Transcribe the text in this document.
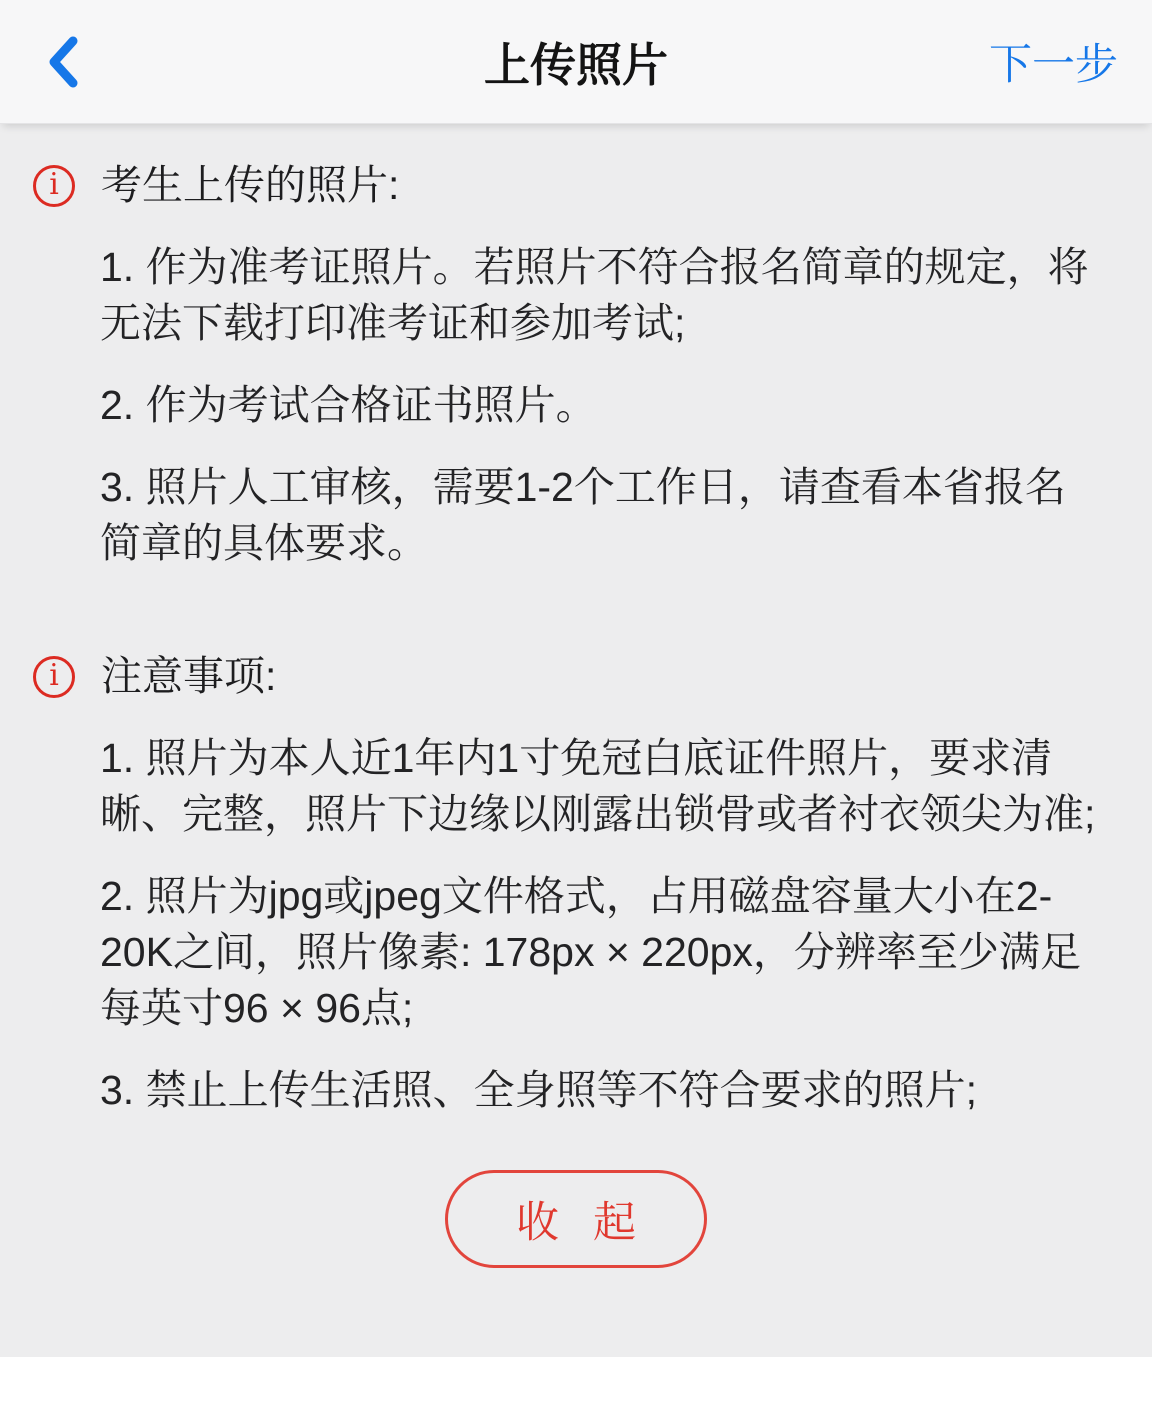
上传照片	下一步
i	考生上传的照片:

1. 作为准考证照片。若照片不符合报名简章的规定，将无法下载打印准考证和参加考试;

2. 作为考试合格证书照片。

3. 照片人工审核，需要1-2个工作日，请查看本省报名简章的具体要求。

i	注意事项:

1. 照片为本人近1年内1寸免冠白底证件照片，要求清晰、完整，照片下边缘以刚露出锁骨或者衬衣领尖为准;

2. 照片为jpg或jpeg文件格式，占用磁盘容量大小在2-20K之间，照片像素: 178px × 220px，分辨率至少满足每英寸96 × 96点;

3. 禁止上传生活照、全身照等不符合要求的照片;

收 起
